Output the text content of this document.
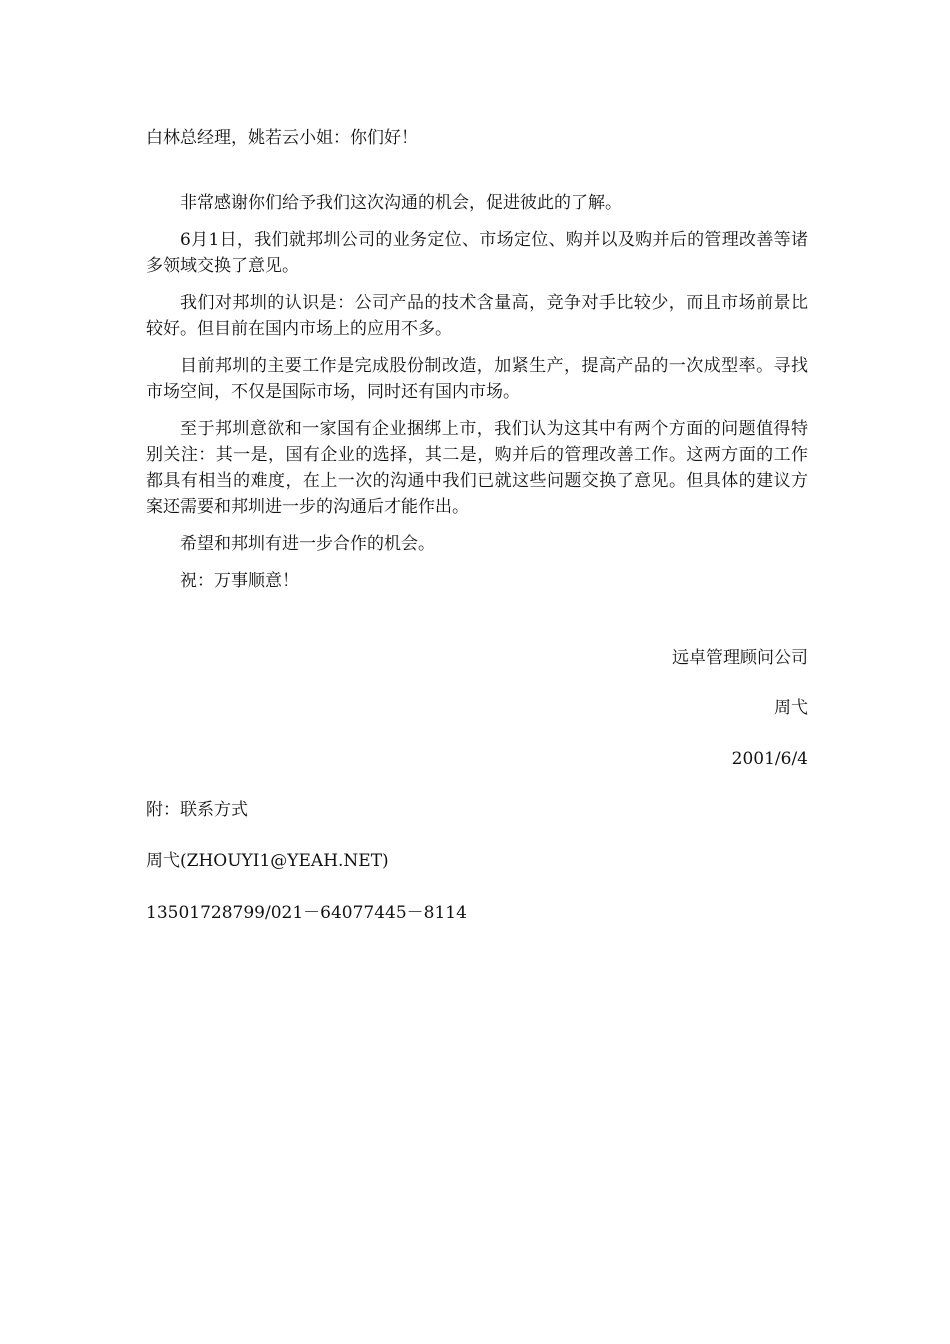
白林总经理，姚若云小姐：你们好！

非常感谢你们给予我们这次沟通的机会，促进彼此的了解。

6月1日，我们就邦圳公司的业务定位、市场定位、购并以及购并后的管理改善等诸多领域交换了意见。

我们对邦圳的认识是：公司产品的技术含量高，竞争对手比较少，而且市场前景比较好。但目前在国内市场上的应用不多。

目前邦圳的主要工作是完成股份制改造，加紧生产，提高产品的一次成型率。寻找市场空间，不仅是国际市场，同时还有国内市场。

至于邦圳意欲和一家国有企业捆绑上市，我们认为这其中有两个方面的问题值得特别关注：其一是，国有企业的选择，其二是，购并后的管理改善工作。这两方面的工作都具有相当的难度，在上一次的沟通中我们已就这些问题交换了意见。但具体的建议方案还需要和邦圳进一步的沟通后才能作出。

希望和邦圳有进一步合作的机会。

祝：万事顺意！

远卓管理顾问公司
周弋
2001/6/4
附：联系方式
周弋(ZHOUYI1@YEAH.NET)
13501728799/021－64077445－8114
